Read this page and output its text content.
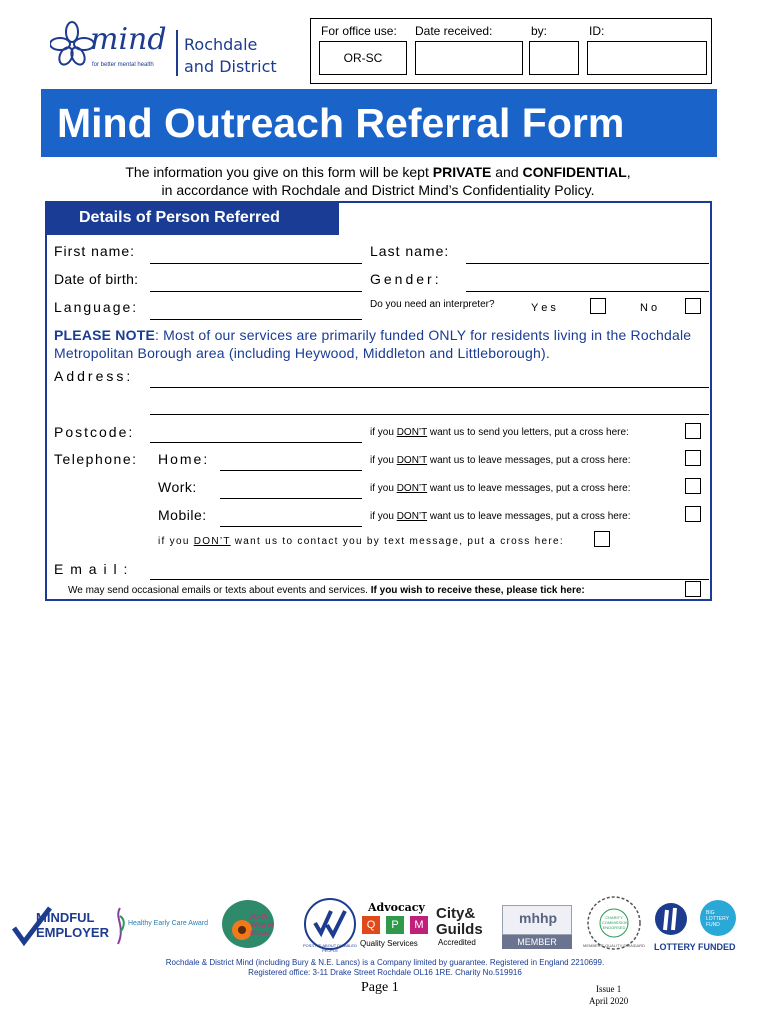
mind
for better mental health
Rochdale
and District
For office use: Date received:	by:	ID:
OR-SC
Mind Outreach Referral Form
The information you give on this form will be kept PRIVATE and CONFIDENTIAL,
in accordance with Rochdale and District Mind’s Confidentiality Policy.
Details of Person Referred
First name:	Last name:
Date of birth:	Gender:
Language:	Do you need an interpreter?	Y e s	N o
PLEASE NOTE: Most of our services are primarily funded ONLY for residents living in the Rochdale Metropolitan Borough area (including Heywood, Middleton and Littleborough).
Address:
Postcode:	if you DON’T want us to send you letters, put a cross here:
Telephone: Home:	if you DON’T want us to leave messages, put a cross here:
Work:	if you DON’T want us to leave messages, put a cross here:
Mobile:	if you DON’T want us to leave messages, put a cross here:
if you DON’T want us to contact you by text message, put a cross here:
E m a i l :
We may send occasional emails or texts about events and services. If you wish to receive these, please tick here:
MINDFUL
EMPLOYER
Healthy Early Care Award
North West in Bloom
POSITIVE ABOUT DISABLED PEOPLE
Advocacy
Q	P	M
Quality Services
City&
Guilds
Accredited
mhhp
MEMBER
CHARITY COMMISSION ENDORSED
MEMBERS' QUALITY STANDARD
BIG LOTTERY FUND
LOTTERY FUNDED
Rochdale & District Mind (including Bury & N.E. Lancs) is a Company limited by guarantee. Registered in England 2210699.
Registered office: 3-11 Drake Street Rochdale OL16 1RE. Charity No.519916
Page 1	Issue 1
April 2020
